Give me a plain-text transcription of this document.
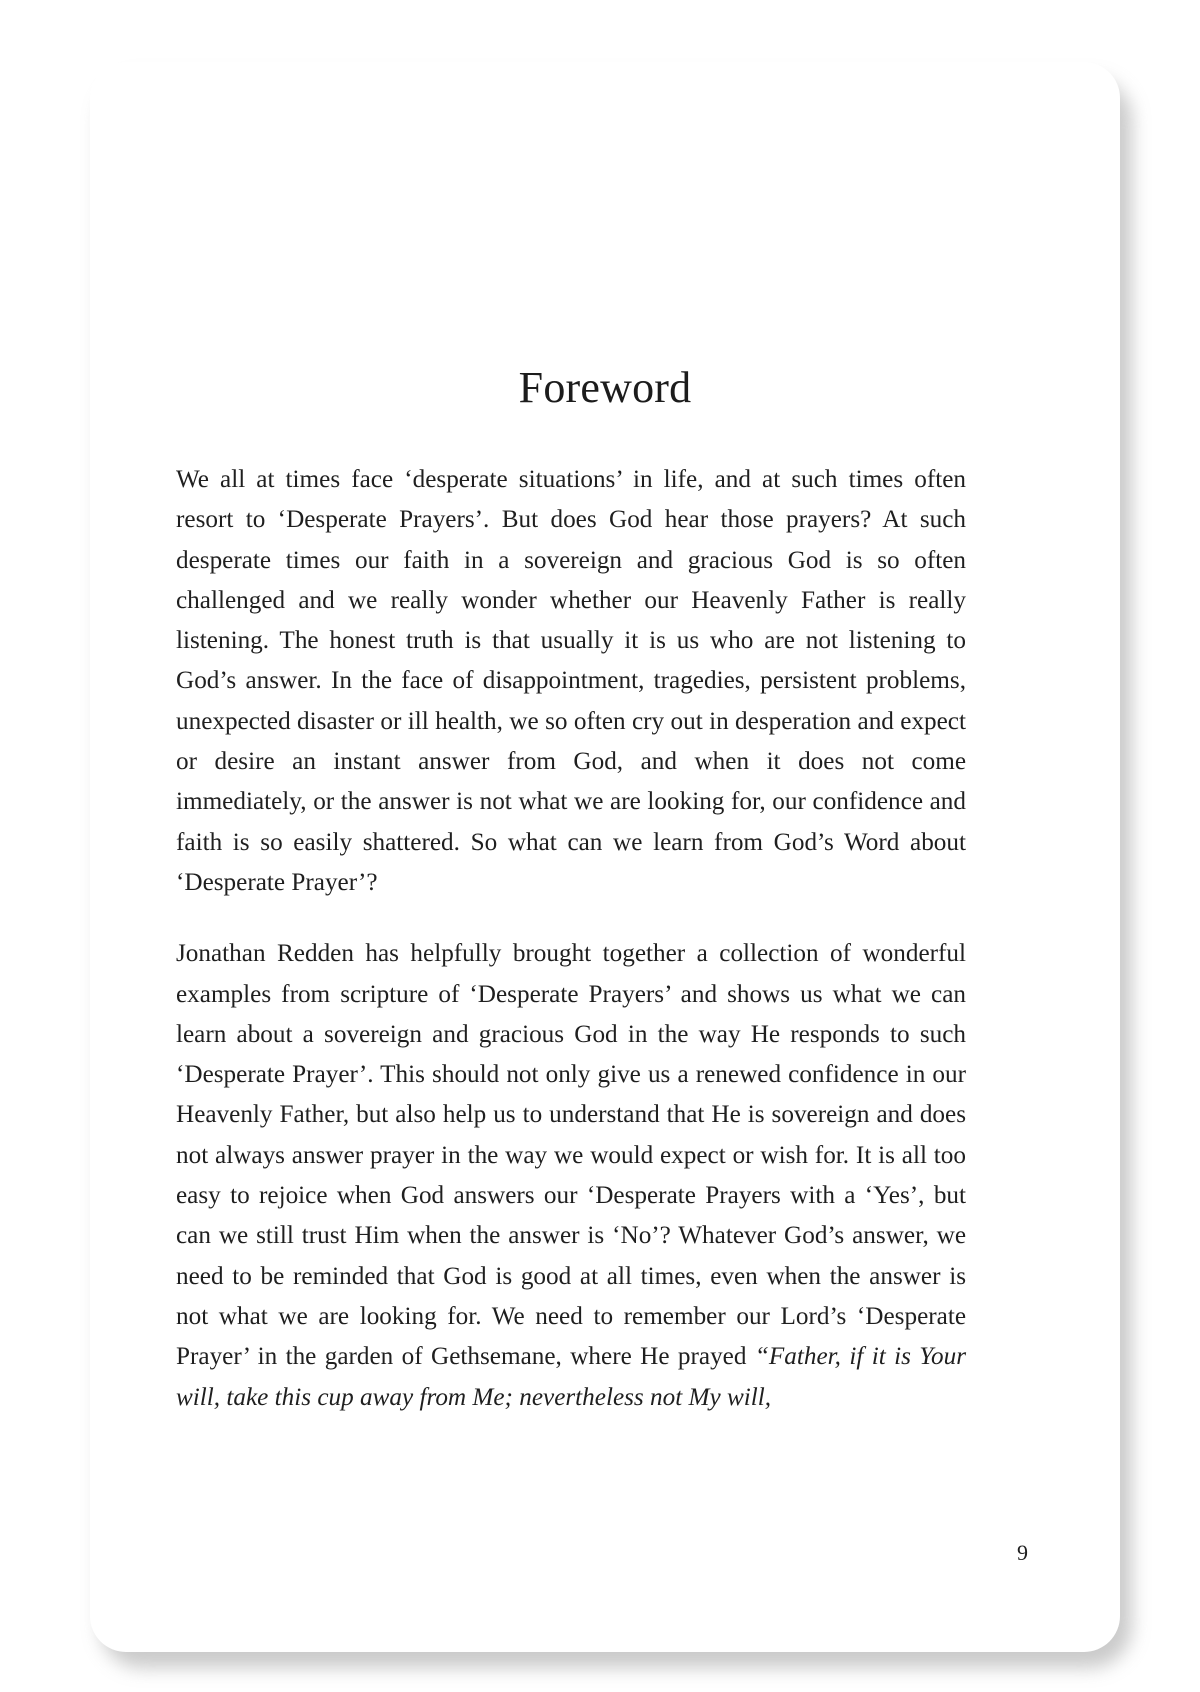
Foreword

We all at times face ‘desperate situations’ in life, and at such times often resort to ‘Desperate Prayers’. But does God hear those prayers? At such desperate times our faith in a sovereign and gracious God is so often challenged and we really wonder whether our Heavenly Father is really listening. The honest truth is that usually it is us who are not listening to God’s answer. In the face of disappointment, tragedies, persistent problems, unexpected disaster or ill health, we so often cry out in desperation and expect or desire an instant answer from God, and when it does not come immediately, or the answer is not what we are looking for, our confidence and faith is so easily shattered. So what can we learn from God’s Word about ‘Desperate Prayer’?

Jonathan Redden has helpfully brought together a collection of wonderful examples from scripture of ‘Desperate Prayers’ and shows us what we can learn about a sovereign and gracious God in the way He responds to such ‘Desperate Prayer’. This should not only give us a renewed confidence in our Heavenly Father, but also help us to understand that He is sovereign and does not always answer prayer in the way we would expect or wish for. It is all too easy to rejoice when God answers our ‘Desperate Prayers with a ‘Yes’, but can we still trust Him when the answer is ‘No’? Whatever God’s answer, we need to be reminded that God is good at all times, even when the answer is not what we are looking for. We need to remember our Lord’s ‘Desperate Prayer’ in the garden of Gethsemane, where He prayed “Father, if it is Your will, take this cup away from Me; nevertheless not My will,

9
